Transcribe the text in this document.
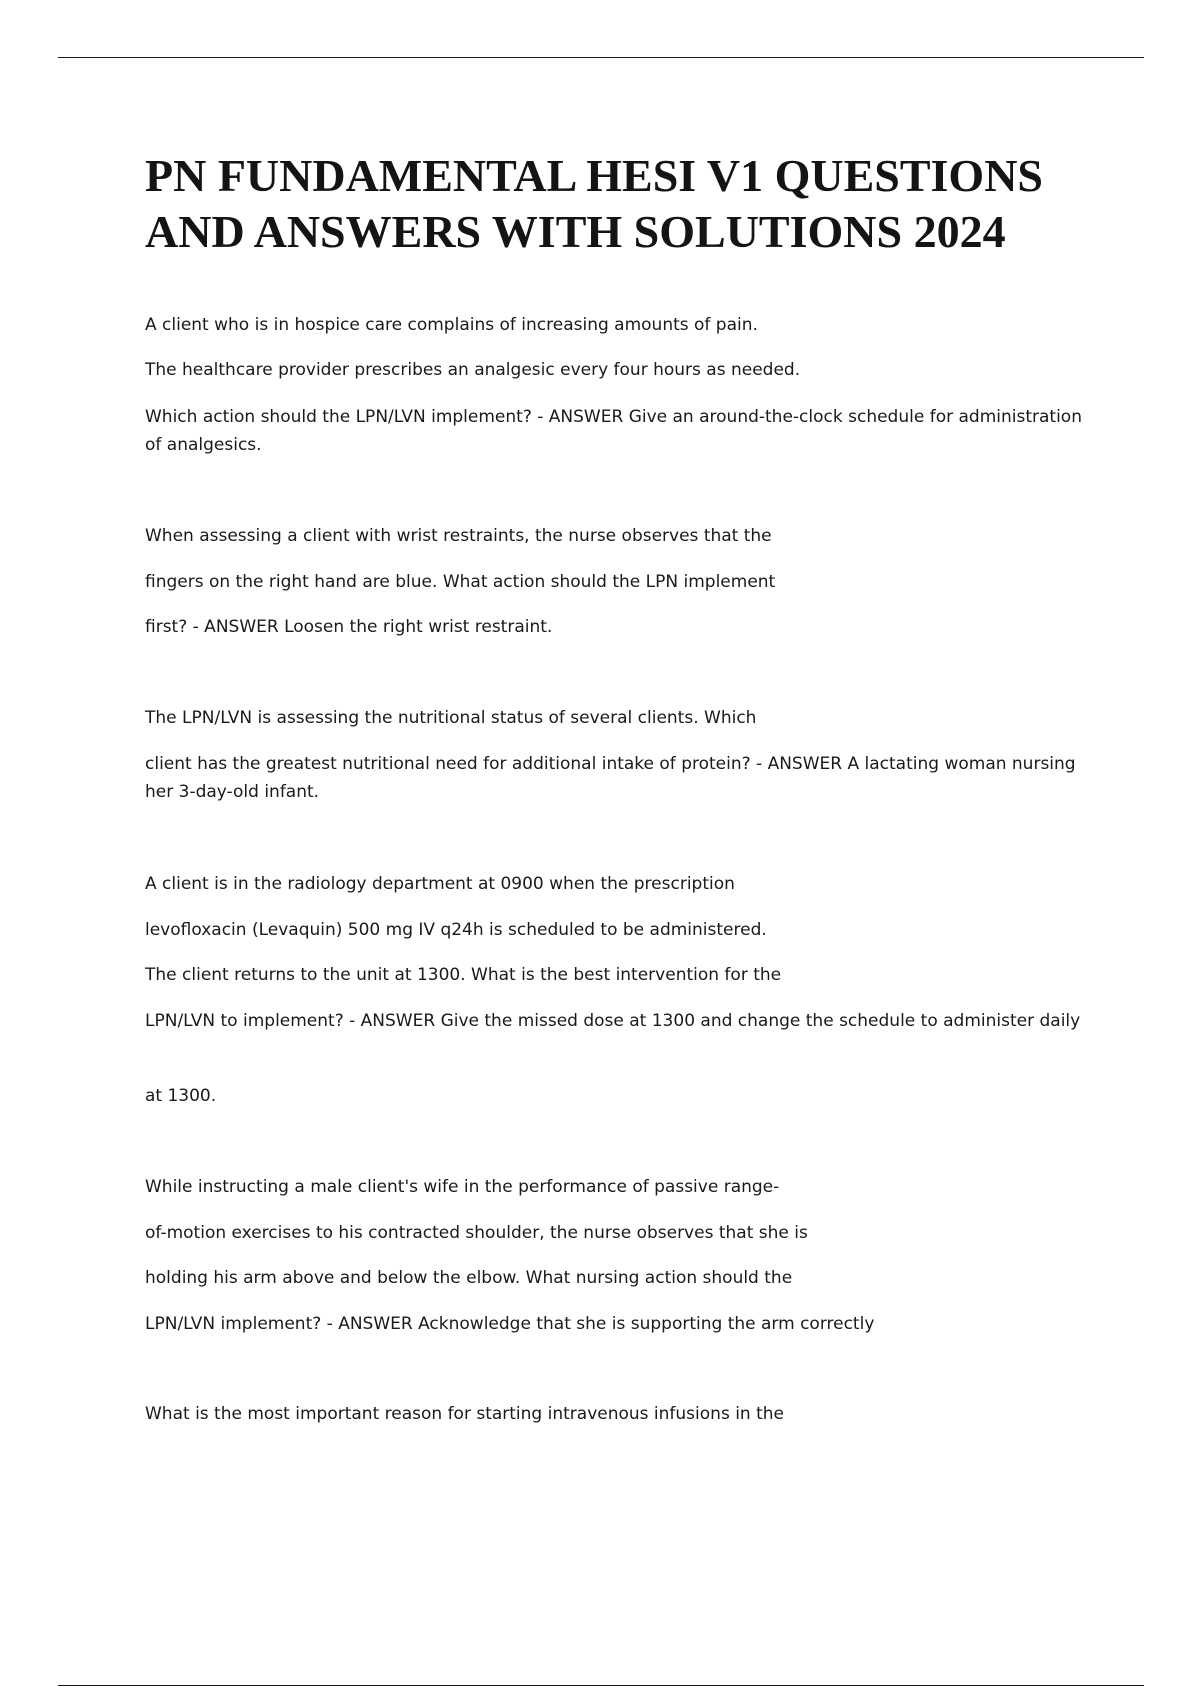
PN FUNDAMENTAL HESI V1 QUESTIONS AND ANSWERS WITH SOLUTIONS 2024

A client who is in hospice care complains of increasing amounts of pain.

The healthcare provider prescribes an analgesic every four hours as needed.

Which action should the LPN/LVN implement? - ANSWER Give an around-the-clock schedule for administration of analgesics.

When assessing a client with wrist restraints, the nurse observes that the

fingers on the right hand are blue. What action should the LPN implement

first? - ANSWER Loosen the right wrist restraint.

The LPN/LVN is assessing the nutritional status of several clients. Which

client has the greatest nutritional need for additional intake of protein? - ANSWER A lactating woman nursing her 3-day-old infant.

A client is in the radiology department at 0900 when the prescription

levofloxacin (Levaquin) 500 mg IV q24h is scheduled to be administered.

The client returns to the unit at 1300. What is the best intervention for the

LPN/LVN to implement? - ANSWER Give the missed dose at 1300 and change the schedule to administer daily

at 1300.

While instructing a male client's wife in the performance of passive range-

of-motion exercises to his contracted shoulder, the nurse observes that she is

holding his arm above and below the elbow. What nursing action should the

LPN/LVN implement? - ANSWER Acknowledge that she is supporting the arm correctly

What is the most important reason for starting intravenous infusions in the
